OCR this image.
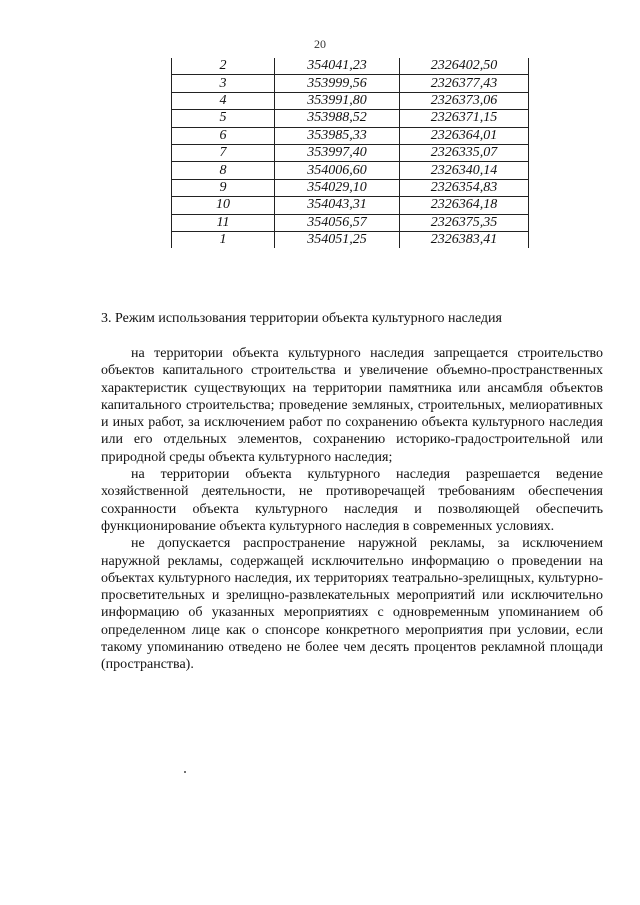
20
2	354041,23	2326402,50
3	353999,56	2326377,43
4	353991,80	2326373,06
5	353988,52	2326371,15
6	353985,33	2326364,01
7	353997,40	2326335,07
8	354006,60	2326340,14
9	354029,10	2326354,83
10	354043,31	2326364,18
11	354056,57	2326375,35
1	354051,25	2326383,41
3. Режим использования территории объекта культурного наследия

на территории объекта культурного наследия запрещается строительство объектов капитального строительства и увеличение объемно-пространственных характеристик существующих на территории памятника или ансамбля объектов капитального строительства; проведение земляных, строительных, мелиоративных и иных работ, за исключением работ по сохранению объекта культурного наследия или его отдельных элементов, сохранению историко-градостроительной или природной среды объекта культурного наследия;

на территории объекта культурного наследия разрешается ведение хозяйственной деятельности, не противоречащей требованиям обеспечения сохранности объекта культурного наследия и позволяющей обеспечить функционирование объекта культурного наследия в современных условиях.

не допускается распространение наружной рекламы, за исключением наружной рекламы, содержащей исключительно информацию о проведении на объектах культурного наследия, их территориях театрально-зрелищных, культурно-просветительных и зрелищно-развлекательных мероприятий или исключительно информацию об указанных мероприятиях с одновременным упоминанием об определенном лице как о спонсоре конкретного мероприятия при условии, если такому упоминанию отведено не более чем десять процентов рекламной площади (пространства).
